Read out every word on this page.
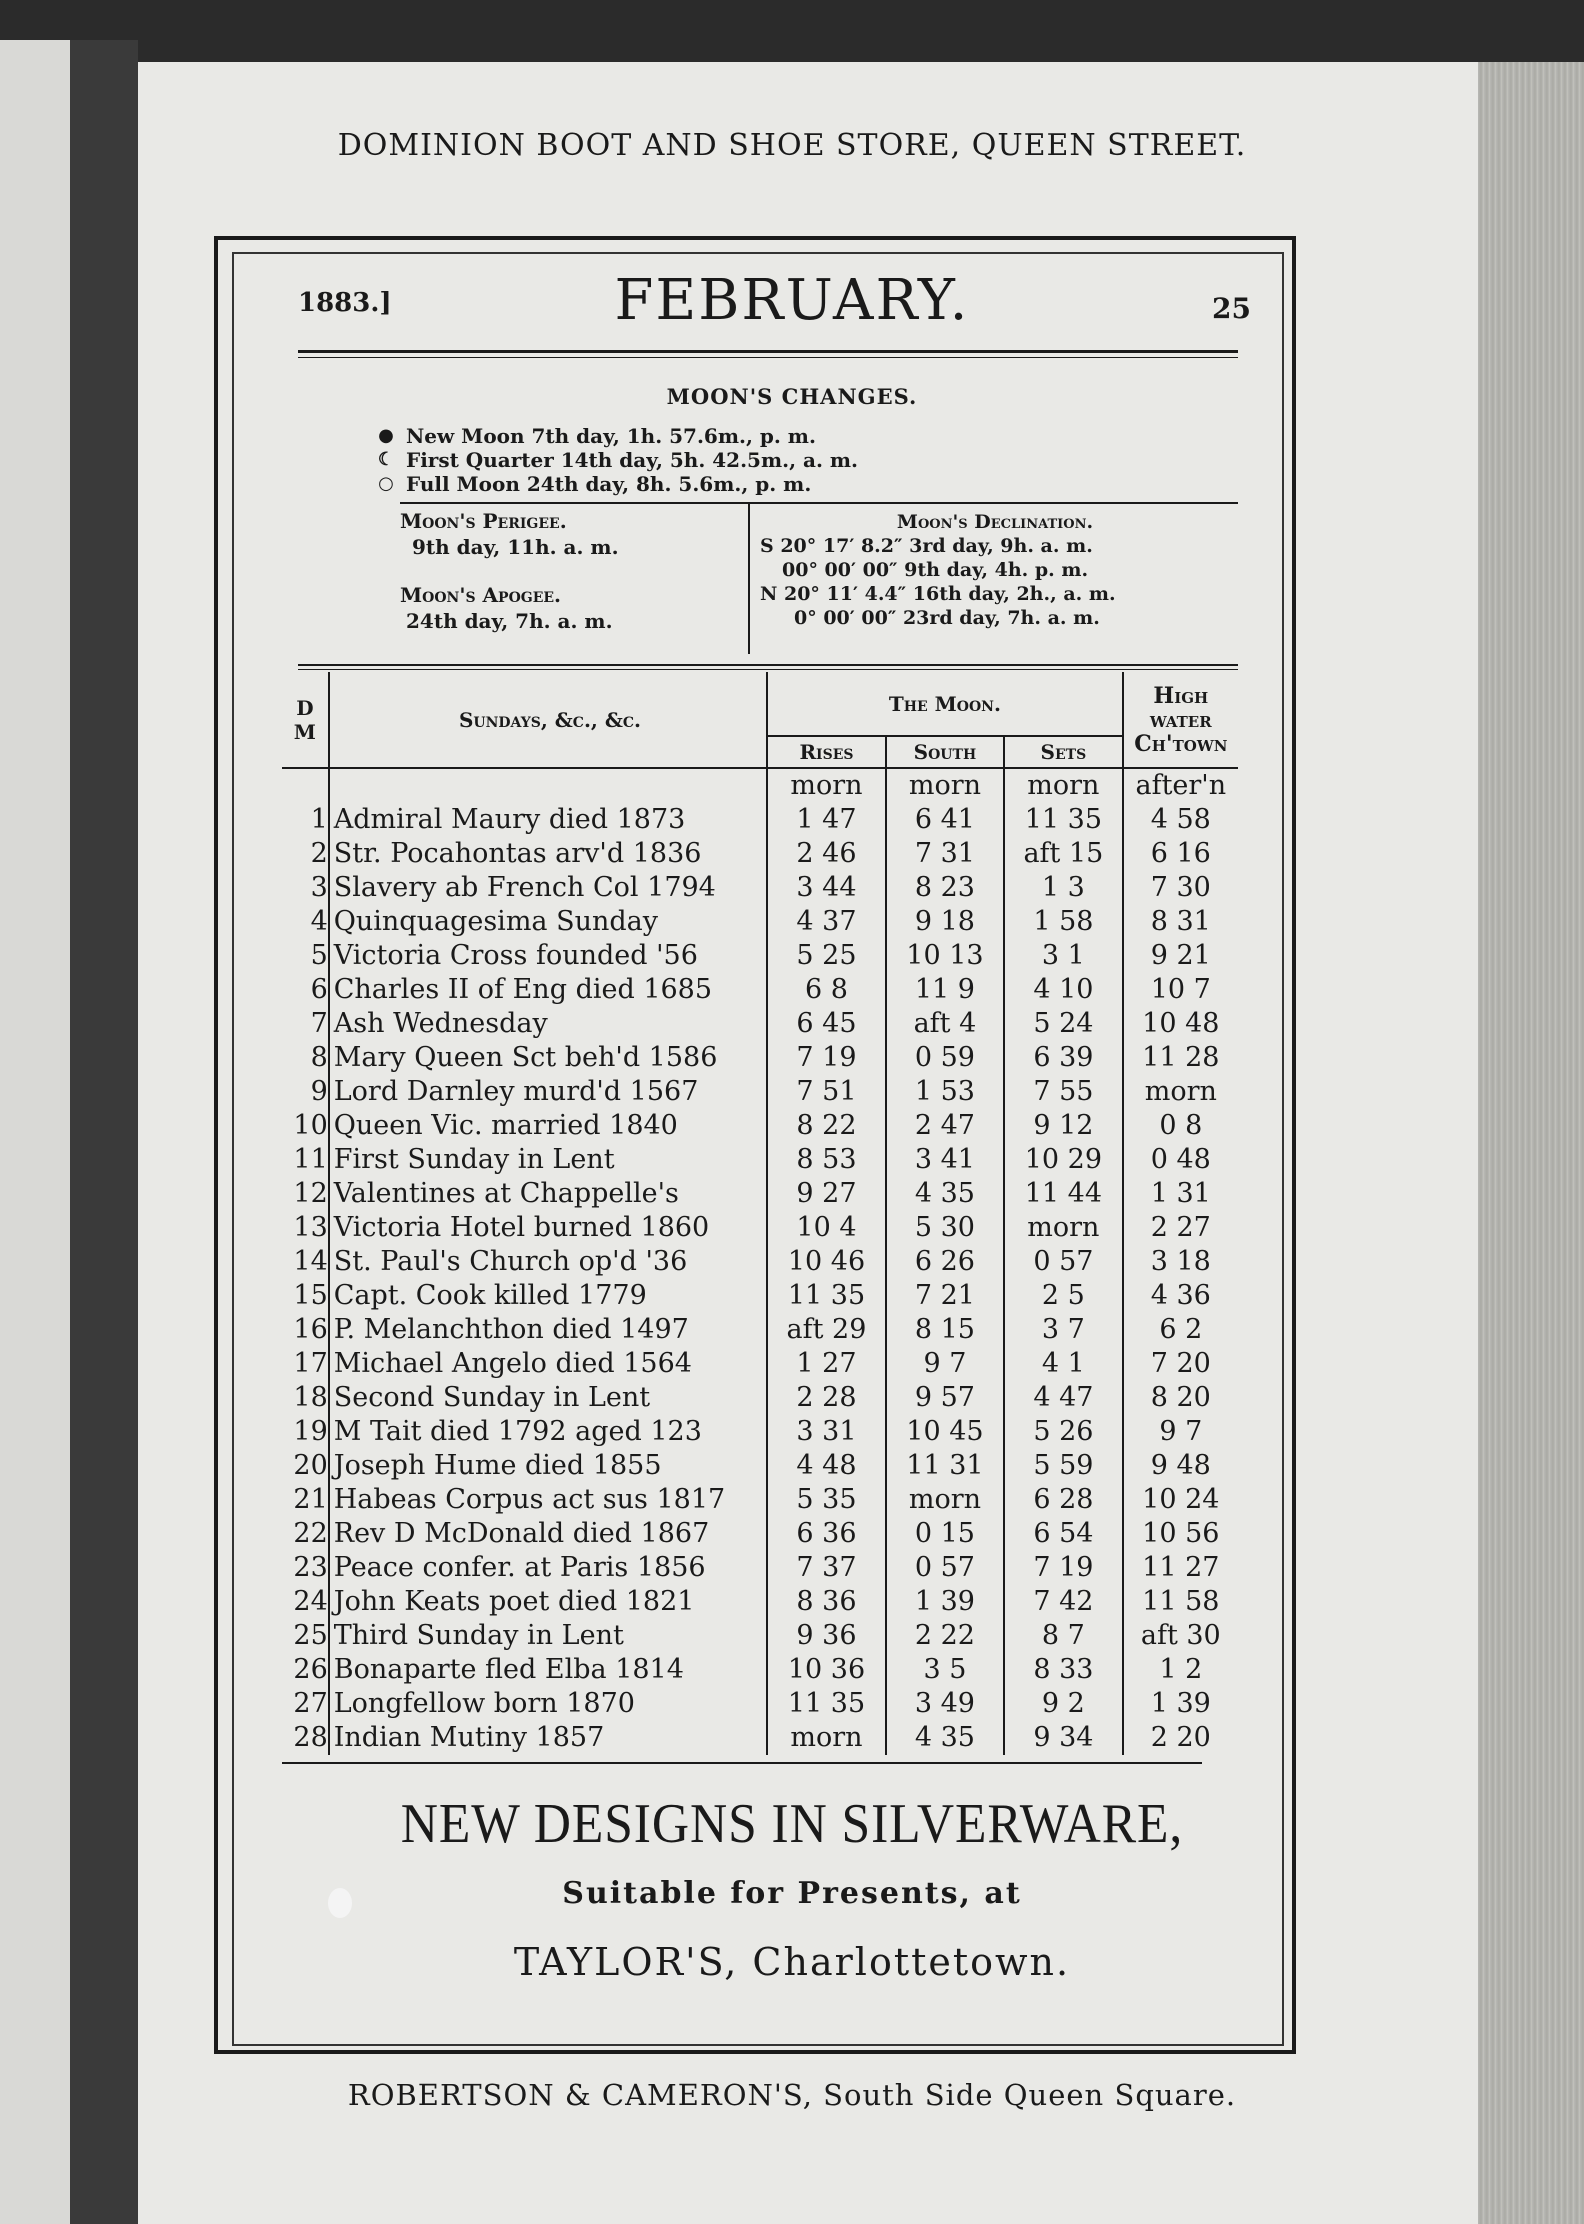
DOMINION BOOT AND SHOE STORE, QUEEN STREET.
1883.]	FEBRUARY.	25
MOON'S CHANGES.
● New Moon 7th day, 1h. 57.6m., p. m.
☾ First Quarter 14th day, 5h. 42.5m., a. m.
○ Full Moon 24th day, 8h. 5.6m., p. m.
Moon's Perigee.
9th day, 11h. a. m.
Moon's Apogee.
24th day, 7h. a. m.
Moon's Declination.
S 20° 17′ 8.2″ 3rd day, 9h. a. m.
00° 00′ 00″ 9th day, 4h. p. m.
N 20° 11′ 4.4″ 16th day, 2h., a. m.
0° 00′ 00″ 23rd day, 7h. a. m.
D M	Sundays, &c., &c.	The Moon.			High water Ch'town
		Rises	South	Sets	
		morn	morn	morn	after'n
1	Admiral Maury died 1873	1 47	6 41	11 35	4 58
2	Str. Pocahontas arv'd 1836	2 46	7 31	aft 15	6 16
3	Slavery ab French Col 1794	3 44	8 23	1 3	7 30
4	Quinquagesima Sunday	4 37	9 18	1 58	8 31
5	Victoria Cross founded '56	5 25	10 13	3 1	9 21
6	Charles II of Eng died 1685	6 8	11 9	4 10	10 7
7	Ash Wednesday	6 45	aft 4	5 24	10 48
8	Mary Queen Sct beh'd 1586	7 19	0 59	6 39	11 28
9	Lord Darnley murd'd 1567	7 51	1 53	7 55	morn
10	Queen Vic. married 1840	8 22	2 47	9 12	0 8
11	First Sunday in Lent	8 53	3 41	10 29	0 48
12	Valentines at Chappelle's	9 27	4 35	11 44	1 31
13	Victoria Hotel burned 1860	10 4	5 30	morn	2 27
14	St. Paul's Church op'd '36	10 46	6 26	0 57	3 18
15	Capt. Cook killed 1779	11 35	7 21	2 5	4 36
16	P. Melanchthon died 1497	aft 29	8 15	3 7	6 2
17	Michael Angelo died 1564	1 27	9 7	4 1	7 20
18	Second Sunday in Lent	2 28	9 57	4 47	8 20
19	M Tait died 1792 aged 123	3 31	10 45	5 26	9 7
20	Joseph Hume died 1855	4 48	11 31	5 59	9 48
21	Habeas Corpus act sus 1817	5 35	morn	6 28	10 24
22	Rev D McDonald died 1867	6 36	0 15	6 54	10 56
23	Peace confer. at Paris 1856	7 37	0 57	7 19	11 27
24	John Keats poet died 1821	8 36	1 39	7 42	11 58
25	Third Sunday in Lent	9 36	2 22	8 7	aft 30
26	Bonaparte fled Elba 1814	10 36	3 5	8 33	1 2
27	Longfellow born 1870	11 35	3 49	9 2	1 39
28	Indian Mutiny 1857	morn	4 35	9 34	2 20
NEW DESIGNS IN SILVERWARE,
Suitable for Presents, at
TAYLOR'S, Charlottetown.
ROBERTSON & CAMERON'S, South Side Queen Square.
